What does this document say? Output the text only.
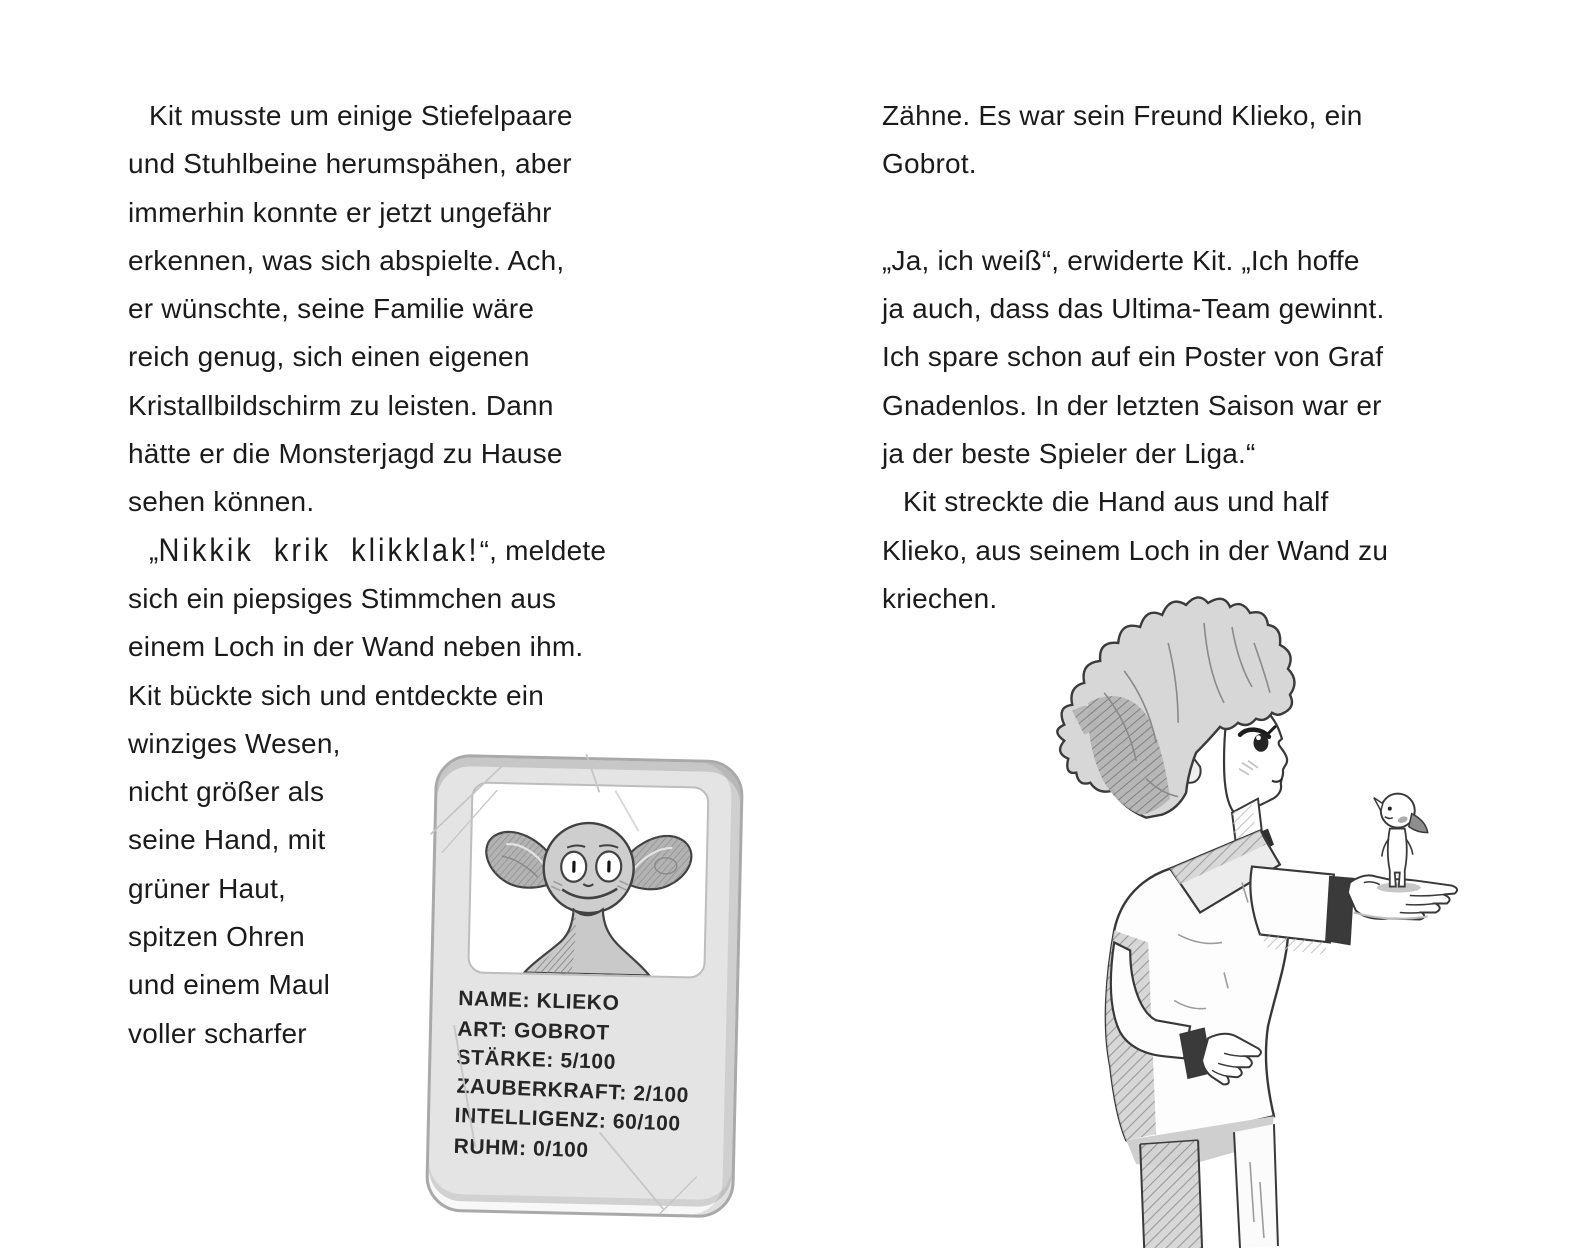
Kit musste um einige Stiefelpaare
und Stuhlbeine herumspähen, aber
immerhin konnte er jetzt ungefähr
erkennen, was sich abspielte. Ach,
er wünschte, seine Familie wäre
reich genug, sich einen eigenen
Kristallbildschirm zu leisten. Dann
hätte er die Monsterjagd zu Hause
sehen können.
„Nikkik krik klikklak!“, meldete
sich ein piepsiges Stimmchen aus
einem Loch in der Wand neben ihm.
Kit bückte sich und entdeckte ein
winziges Wesen,
nicht größer als
seine Hand, mit
grüner Haut,
spitzen Ohren
und einem Maul
voller scharfer
Zähne. Es war sein Freund Klieko, ein
Gobrot.

„Ja, ich weiß“, erwiderte Kit. „Ich hoffe
ja auch, dass das Ultima-Team gewinnt.
Ich spare schon auf ein Poster von Graf
Gnadenlos. In der letzten Saison war er
ja der beste Spieler der Liga.“
Kit streckte die Hand aus und half
Klieko, aus seinem Loch in der Wand zu
kriechen.
NAME: KLIEKO
ART: GOBROT
STÄRKE: 5/100
ZAUBERKRAFT: 2/100
INTELLIGENZ: 60/100
RUHM: 0/100
